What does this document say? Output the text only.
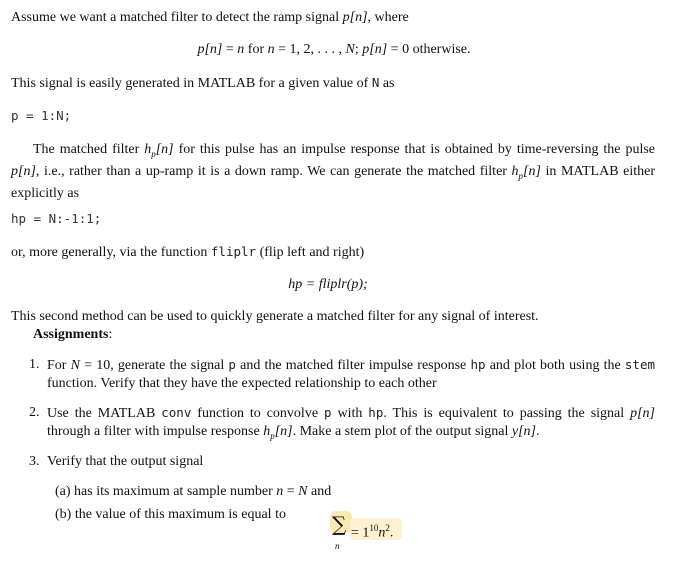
Assume we want a matched filter to detect the ramp signal p[n], where
p[n] = n for n = 1, 2, . . . , N; p[n] = 0 otherwise.
This signal is easily generated in MATLAB for a given value of N as
p = 1:N;
The matched filter $h_p[n]$ for this pulse has an impulse response that is obtained by time-reversing the pulse p[n], i.e., rather than a up-ramp it is a down ramp. We can generate the matched filter $h_p[n]$ in MATLAB either explicitly as
hp = N:-1:1;
or, more generally, via the function fliplr (flip left and right)
hp = fliplr(p);
This second method can be used to quickly generate a matched filter for any signal of interest.
Assignments:
1. For N = 10, generate the signal p and the matched filter impulse response hp and plot both using the stem function. Verify that they have the expected relationship to each other
2. Use the MATLAB conv function to convolve p with hp. This is equivalent to passing the signal p[n] through a filter with impulse response $h_p[n]$. Make a stem plot of the output signal y[n].
3. Verify that the output signal
(a) has its maximum at sample number n = N and
(b) the value of this maximum is equal to ∑
n
= $1^{10}n^2$.
